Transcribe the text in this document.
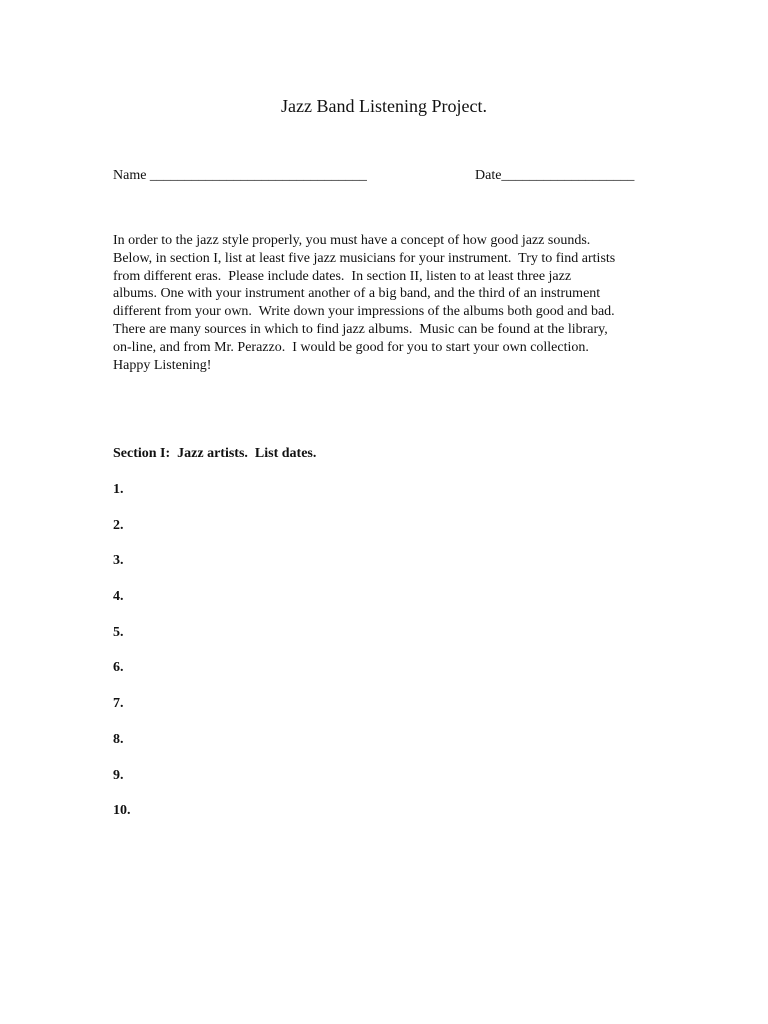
Jazz Band Listening Project.
Name _______________________________	Date___________________
In order to the jazz style properly, you must have a concept of how good jazz sounds.
Below, in section I, list at least five jazz musicians for your instrument.  Try to find artists
from different eras.  Please include dates.  In section II, listen to at least three jazz
albums. One with your instrument another of a big band, and the third of an instrument
different from your own.  Write down your impressions of the albums both good and bad.
There are many sources in which to find jazz albums.  Music can be found at the library,
on-line, and from Mr. Perazzo.  I would be good for you to start your own collection.
Happy Listening!
Section I:  Jazz artists.  List dates.
1.
2.
3.
4.
5.
6.
7.
8.
9.
10.
